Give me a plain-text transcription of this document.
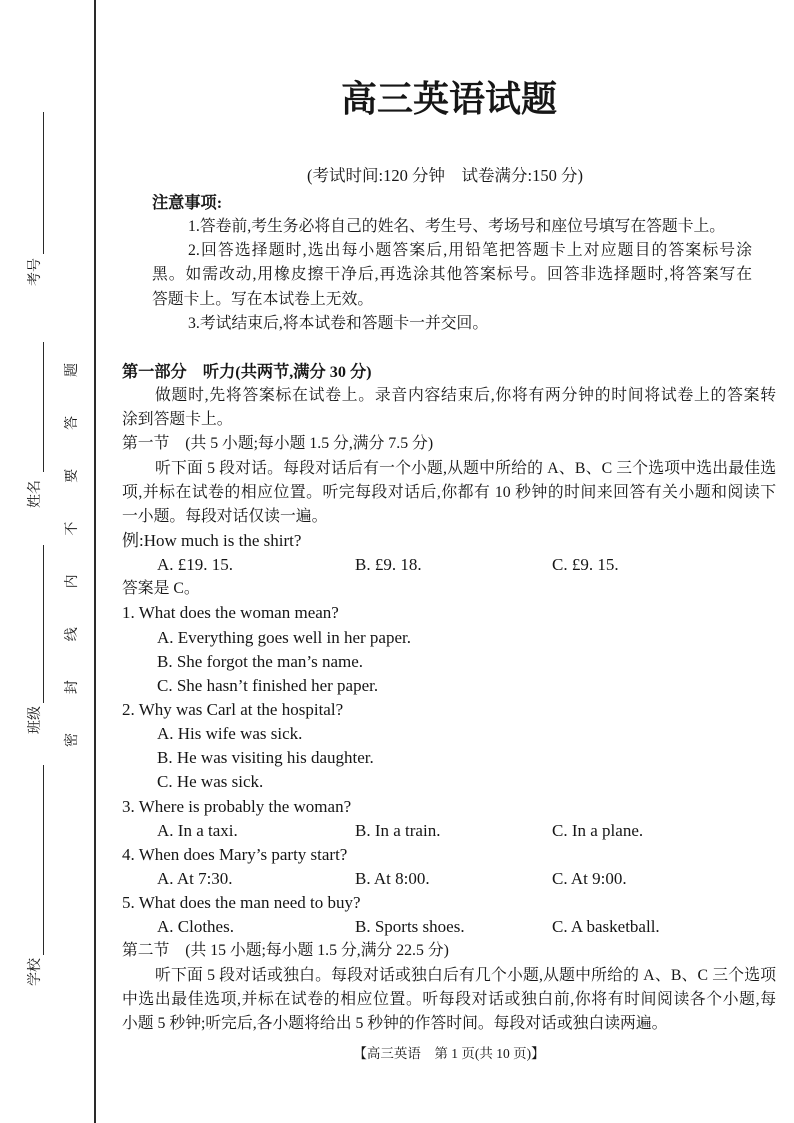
考号
姓名
班级
学校
密封线内不要答题
高三英语试题
(考试时间:120 分钟　试卷满分:150 分)
注意事项:
1.答卷前,考生务必将自己的姓名、考生号、考场号和座位号填写在答题卡上。
2.回答选择题时,选出每小题答案后,用铅笔把答题卡上对应题目的答案标号涂
黑。如需改动,用橡皮擦干净后,再选涂其他答案标号。回答非选择题时,将答案写在
答题卡上。写在本试卷上无效。
3.考试结束后,将本试卷和答题卡一并交回。
第一部分　听力(共两节,满分 30 分)
做题时,先将答案标在试卷上。录音内容结束后,你将有两分钟的时间将试卷上的答案转
涂到答题卡上。
第一节　(共 5 小题;每小题 1.5 分,满分 7.5 分)
听下面 5 段对话。每段对话后有一个小题,从题中所给的 A、B、C 三个选项中选出最佳选
项,并标在试卷的相应位置。听完每段对话后,你都有 10 秒钟的时间来回答有关小题和阅读下
一小题。每段对话仅读一遍。
例:How much is the shirt?
A. £19. 15.	B. £9. 18.	C. £9. 15.
答案是 C。
1. What does the woman mean?
A. Everything goes well in her paper.
B. She forgot the man’s name.
C. She hasn’t finished her paper.
2. Why was Carl at the hospital?
A. His wife was sick.
B. He was visiting his daughter.
C. He was sick.
3. Where is probably the woman?
A. In a taxi.	B. In a train.	C. In a plane.
4. When does Mary’s party start?
A. At 7:30.	B. At 8:00.	C. At 9:00.
5. What does the man need to buy?
A. Clothes.	B. Sports shoes.	C. A basketball.
第二节　(共 15 小题;每小题 1.5 分,满分 22.5 分)
听下面 5 段对话或独白。每段对话或独白后有几个小题,从题中所给的 A、B、C 三个选项
中选出最佳选项,并标在试卷的相应位置。听每段对话或独白前,你将有时间阅读各个小题,每
小题 5 秒钟;听完后,各小题将给出 5 秒钟的作答时间。每段对话或独白读两遍。
【高三英语　第 1 页(共 10 页)】
